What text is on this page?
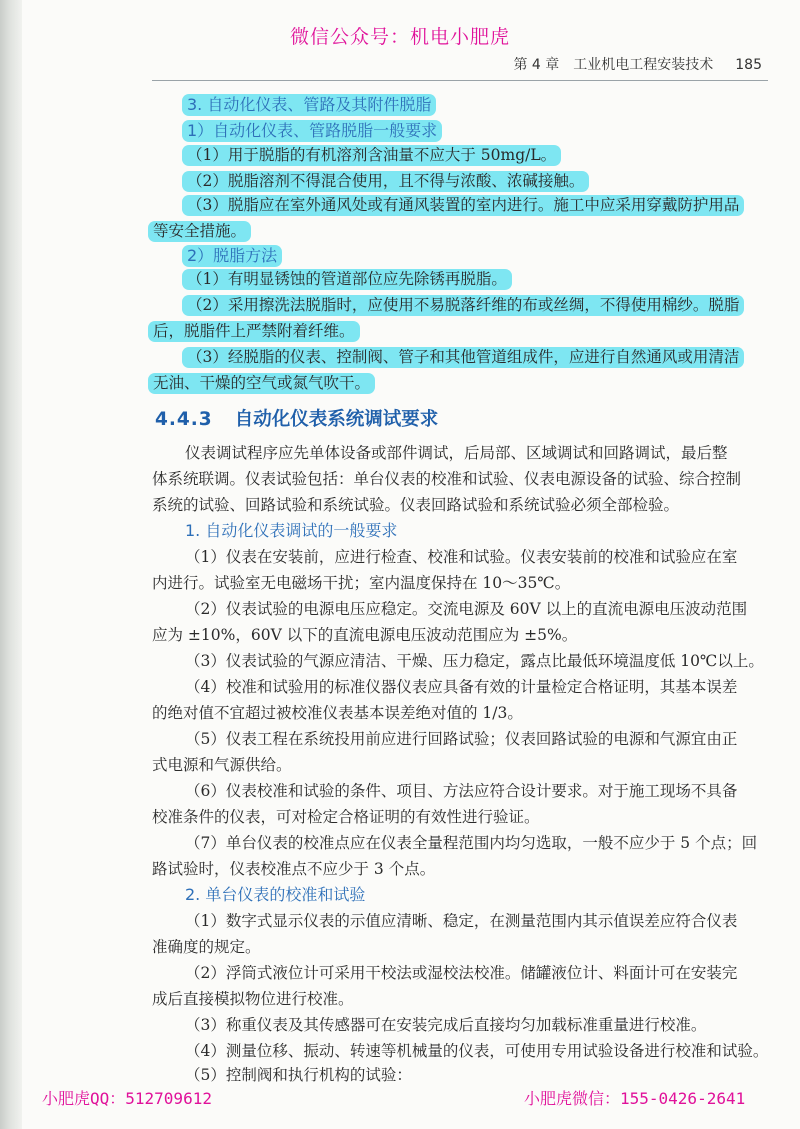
微信公众号：机电小肥虎
第 4 章　工业机电工程安装技术 185
3. 自动化仪表、管路及其附件脱脂
1）自动化仪表、管路脱脂一般要求
（1）用于脱脂的有机溶剂含油量不应大于 50mg/L。
（2）脱脂溶剂不得混合使用，且不得与浓酸、浓碱接触。
（3）脱脂应在室外通风处或有通风装置的室内进行。施工中应采用穿戴防护用品
等安全措施。
2）脱脂方法
（1）有明显锈蚀的管道部位应先除锈再脱脂。
（2）采用擦洗法脱脂时，应使用不易脱落纤维的布或丝绸，不得使用棉纱。脱脂
后，脱脂件上严禁附着纤维。
（3）经脱脂的仪表、控制阀、管子和其他管道组成件，应进行自然通风或用清洁
无油、干燥的空气或氮气吹干。
4.4.3 自动化仪表系统调试要求
仪表调试程序应先单体设备或部件调试，后局部、区域调试和回路调试，最后整
体系统联调。仪表试验包括：单台仪表的校准和试验、仪表电源设备的试验、综合控制
系统的试验、回路试验和系统试验。仪表回路试验和系统试验必须全部检验。
1. 自动化仪表调试的一般要求
（1）仪表在安装前，应进行检查、校准和试验。仪表安装前的校准和试验应在室
内进行。试验室无电磁场干扰；室内温度保持在 10～35℃。
（2）仪表试验的电源电压应稳定。交流电源及 60V 以上的直流电源电压波动范围
应为 ±10%，60V 以下的直流电源电压波动范围应为 ±5%。
（3）仪表试验的气源应清洁、干燥、压力稳定，露点比最低环境温度低 10℃以上。
（4）校准和试验用的标准仪器仪表应具备有效的计量检定合格证明，其基本误差
的绝对值不宜超过被校准仪表基本误差绝对值的 1/3。
（5）仪表工程在系统投用前应进行回路试验；仪表回路试验的电源和气源宜由正
式电源和气源供给。
（6）仪表校准和试验的条件、项目、方法应符合设计要求。对于施工现场不具备
校准条件的仪表，可对检定合格证明的有效性进行验证。
（7）单台仪表的校准点应在仪表全量程范围内均匀选取，一般不应少于 5 个点；回
路试验时，仪表校准点不应少于 3 个点。
2. 单台仪表的校准和试验
（1）数字式显示仪表的示值应清晰、稳定，在测量范围内其示值误差应符合仪表
准确度的规定。
（2）浮筒式液位计可采用干校法或湿校法校准。储罐液位计、料面计可在安装完
成后直接模拟物位进行校准。
（3）称重仪表及其传感器可在安装完成后直接均匀加载标准重量进行校准。
（4）测量位移、振动、转速等机械量的仪表，可使用专用试验设备进行校准和试验。
（5）控制阀和执行机构的试验：
小肥虎QQ：512709612	小肥虎微信：155-0426-2641
